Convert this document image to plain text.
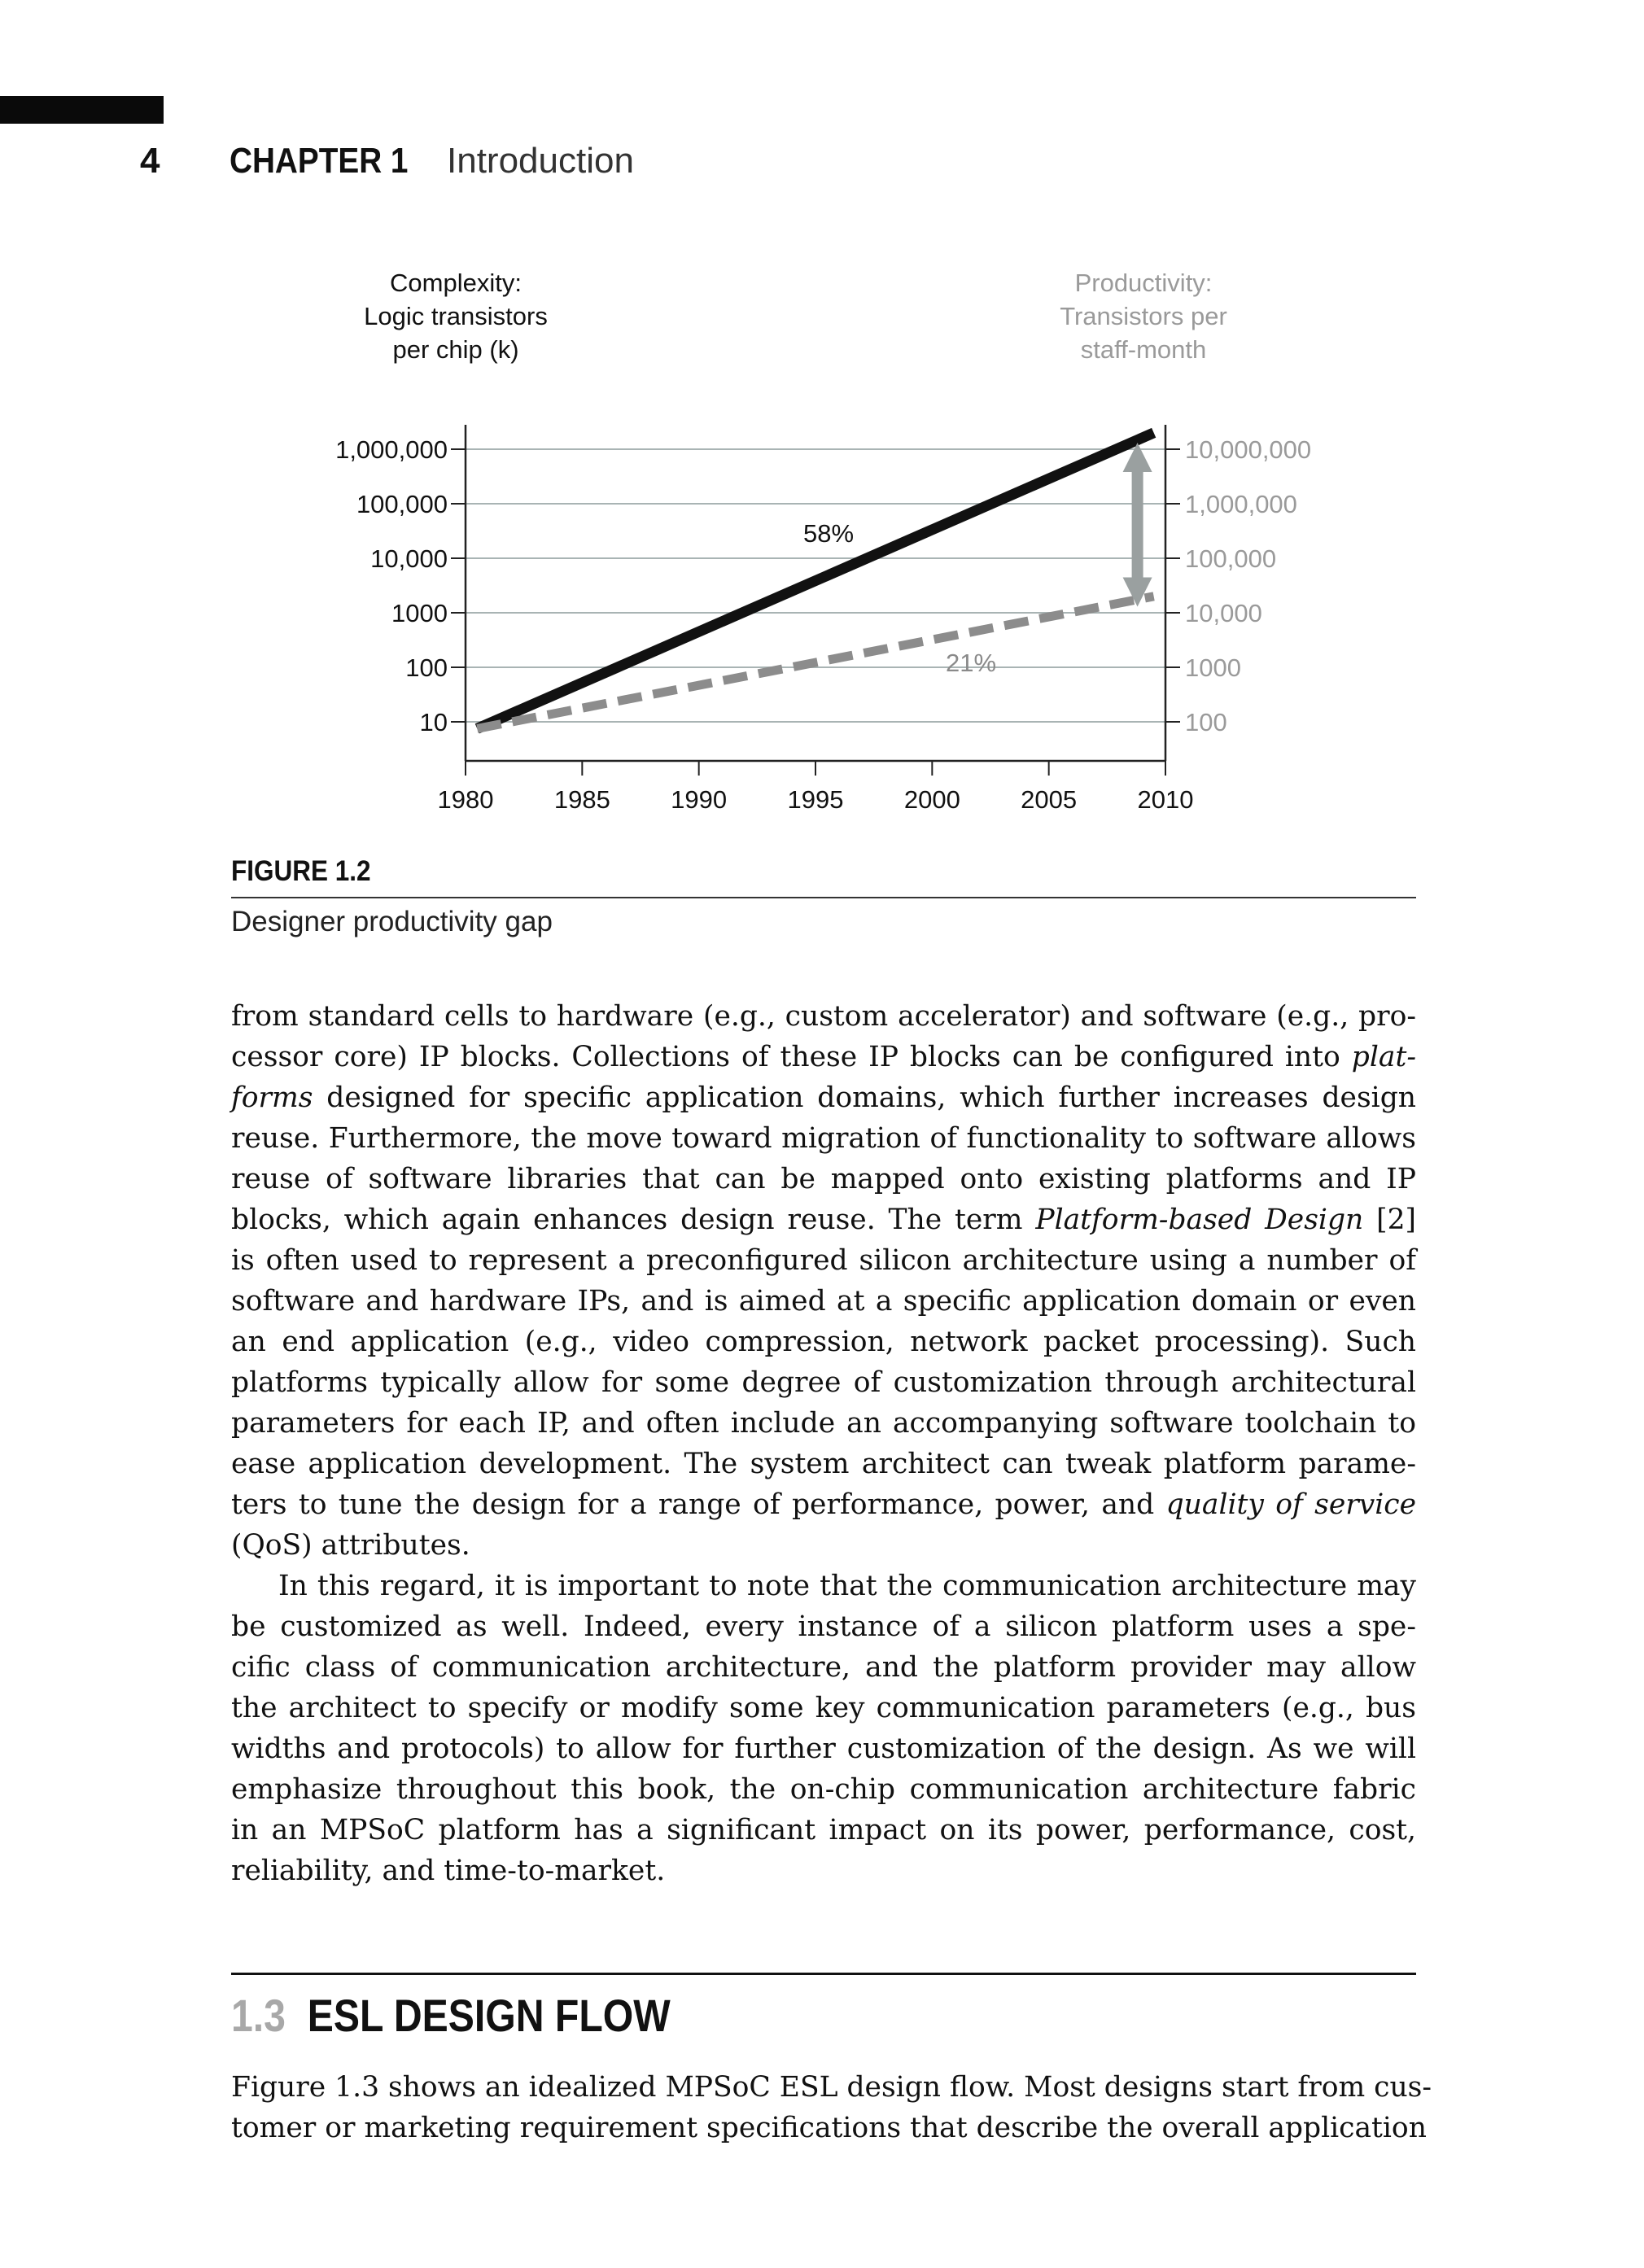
4 CHAPTER 1 Introduction
Complexity:
Logic transistors
per chip (k)
Productivity:
Transistors per
staff-month
10
100
1000
10,000
100,000
1,000,000
100
1000
10,000
100,000
1,000,000
10,000,000
1980 1985 1990 1995 2000 2005 2010
58%
21%
FIGURE 1.2
Designer productivity gap
from standard cells to hardware (e.g., custom accelerator) and software (e.g., pro-
cessor core) IP blocks. Collections of these IP blocks can be configured into plat-
forms designed for specific application domains, which further increases design
reuse. Furthermore, the move toward migration of functionality to software allows
reuse of software libraries that can be mapped onto existing platforms and IP
blocks, which again enhances design reuse. The term Platform-based Design [2]
is often used to represent a preconfigured silicon architecture using a number of
software and hardware IPs, and is aimed at a specific application domain or even
an end application (e.g., video compression, network packet processing). Such
platforms typically allow for some degree of customization through architectural
parameters for each IP, and often include an accompanying software toolchain to
ease application development. The system architect can tweak platform parame-
ters to tune the design for a range of performance, power, and quality of service
(QoS) attributes.
In this regard, it is important to note that the communication architecture may
be customized as well. Indeed, every instance of a silicon platform uses a spe-
cific class of communication architecture, and the platform provider may allow
the architect to specify or modify some key communication parameters (e.g., bus
widths and protocols) to allow for further customization of the design. As we will
emphasize throughout this book, the on-chip communication architecture fabric
in an MPSoC platform has a significant impact on its power, performance, cost,
reliability, and time-to-market.
1.3 ESL DESIGN FLOW
Figure 1.3 shows an idealized MPSoC ESL design flow. Most designs start from cus-
tomer or marketing requirement specifications that describe the overall application
